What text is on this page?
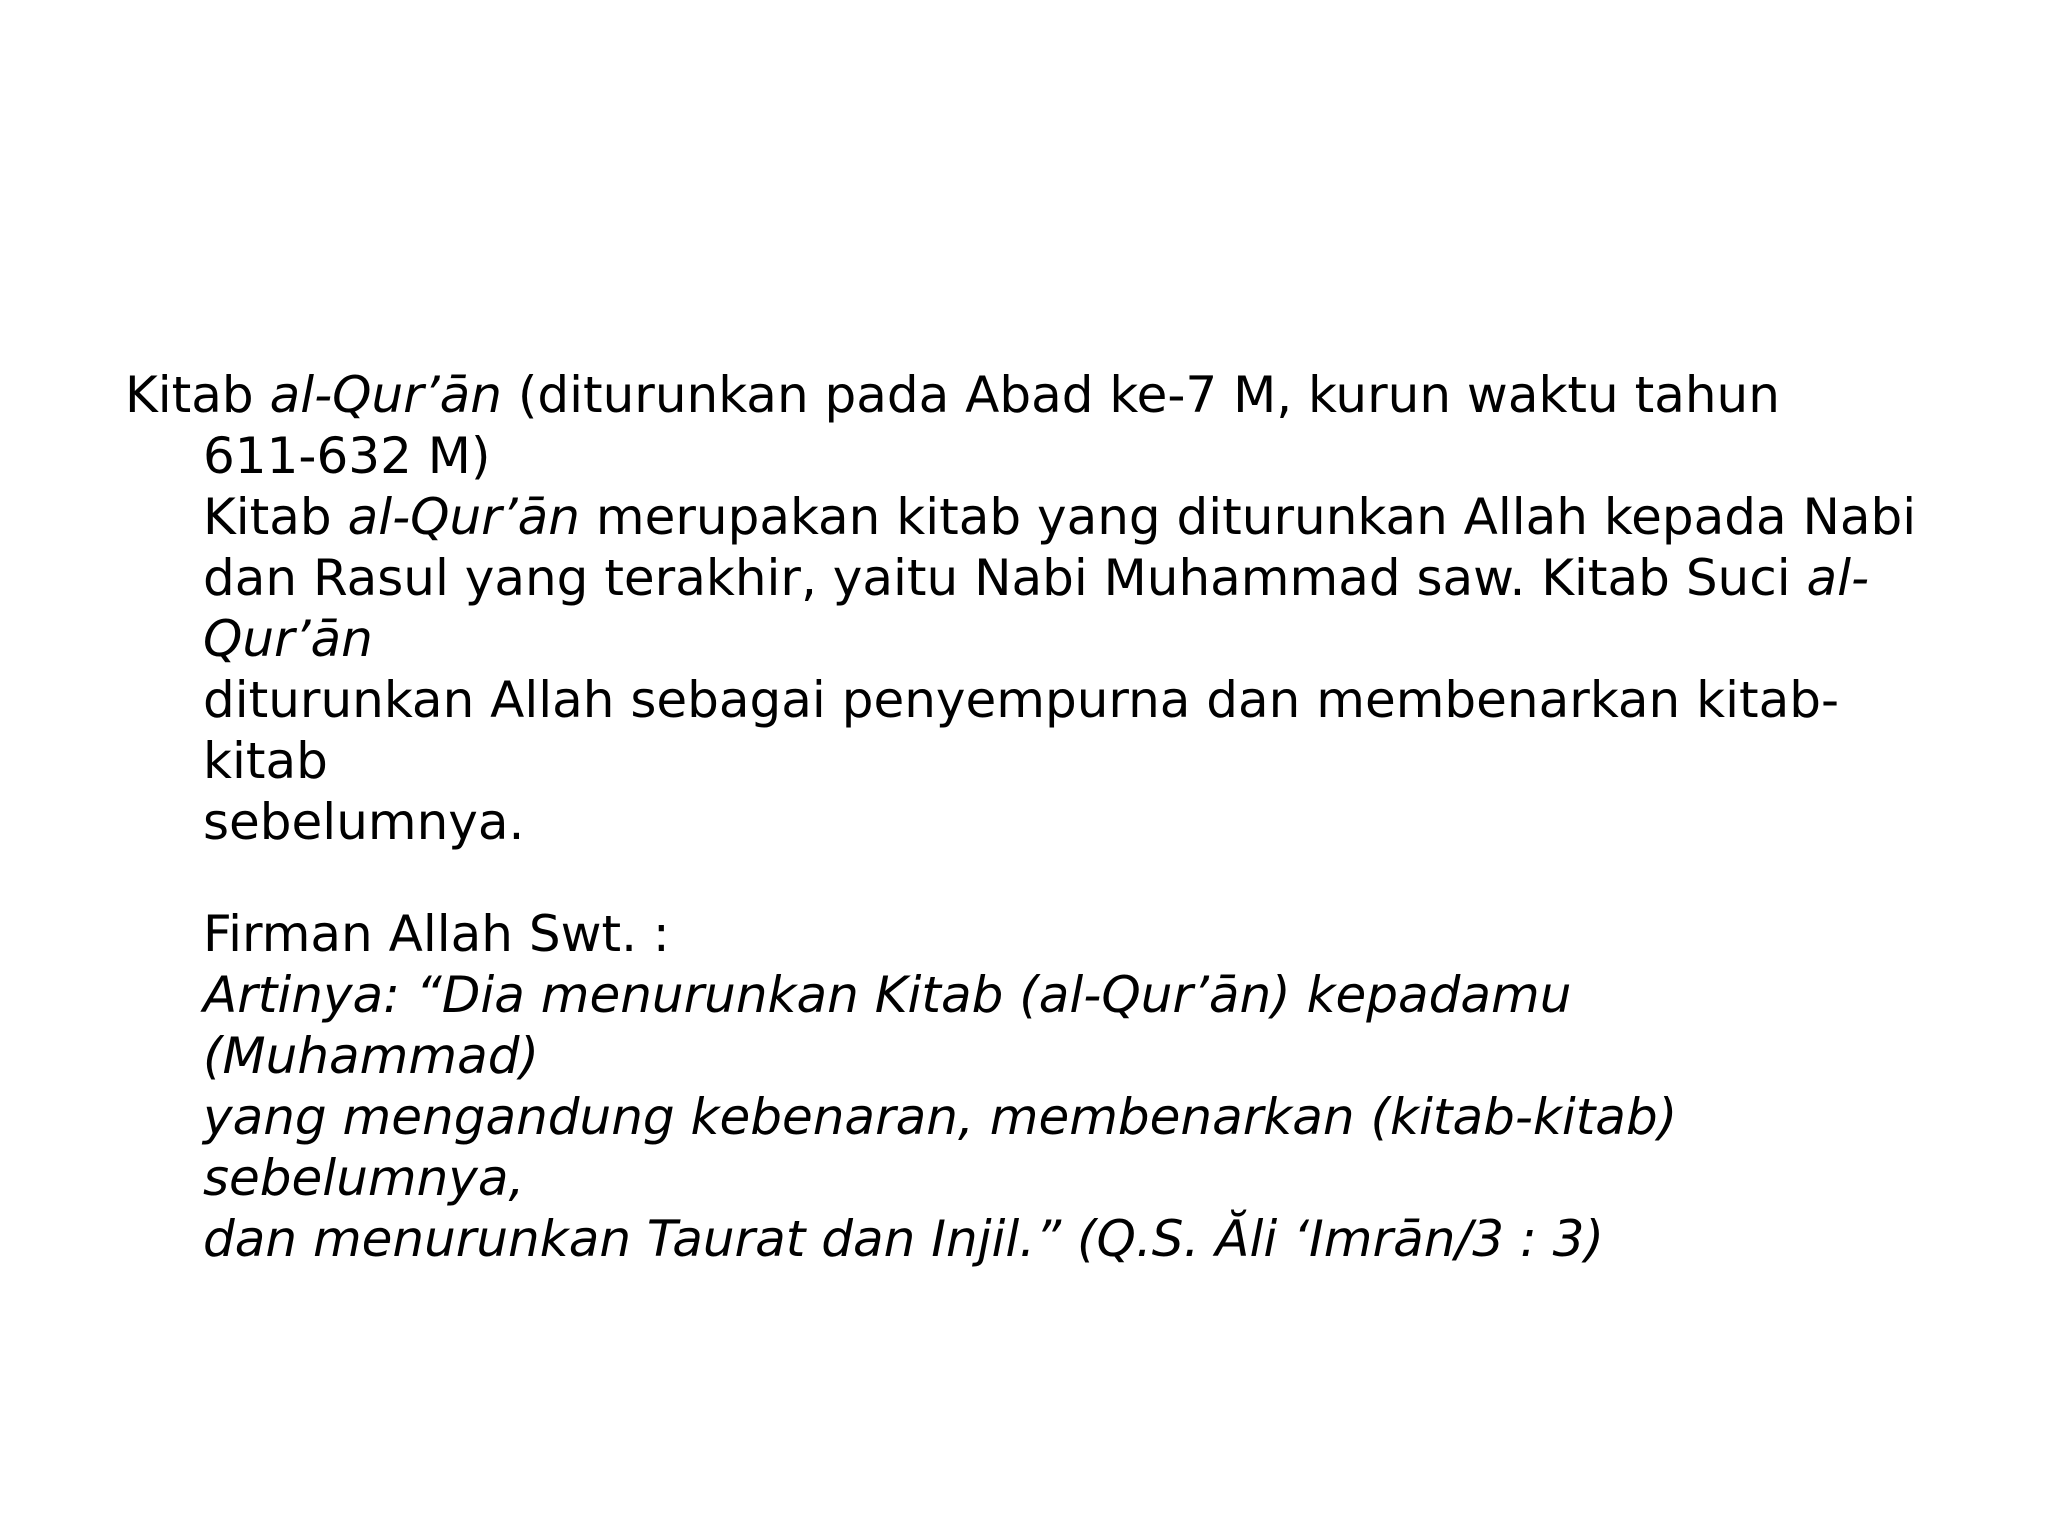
Kitab al-Qur’ān (diturunkan pada Abad ke-7 M, kurun waktu tahun
611-632 M)
Kitab al-Qur’ān merupakan kitab yang diturunkan Allah kepada Nabi
dan Rasul yang terakhir, yaitu Nabi Muhammad saw. Kitab Suci al-
Qur’ān
diturunkan Allah sebagai penyempurna dan membenarkan kitab-
kitab
sebelumnya.
Firman Allah Swt. :
Artinya: “Dia menurunkan Kitab (al-Qur’ān) kepadamu
(Muhammad)
yang mengandung kebenaran, membenarkan (kitab-kitab)
sebelumnya,
dan menurunkan Taurat dan Injil.” (Q.S. Ăli ‘Imrān/3 : 3)
